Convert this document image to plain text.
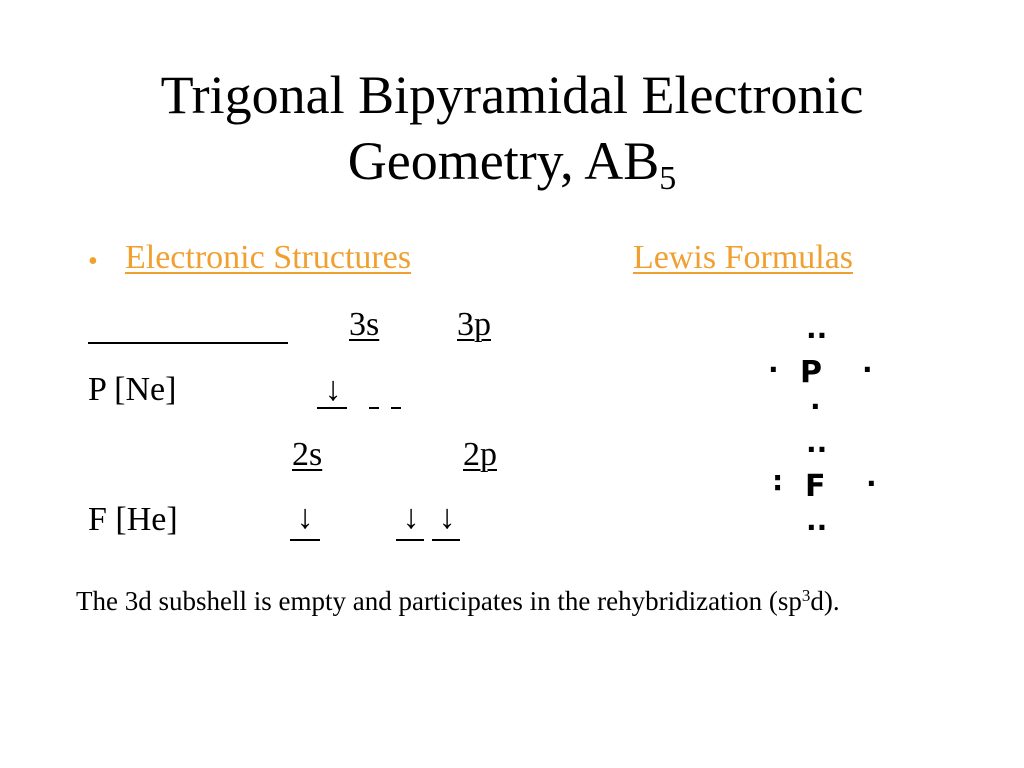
Trigonal Bipyramidal Electronic
Geometry, $AB_5$
• Electronic Structures	Lewis Formulas
3s 3p
P [Ne]	↓
2s	2p
F [He]	↓	↓ ↓
··
· P ·
·
··
: F ·
··
The 3d subshell is empty and participates in the rehybridization $(sp^3d)$.
